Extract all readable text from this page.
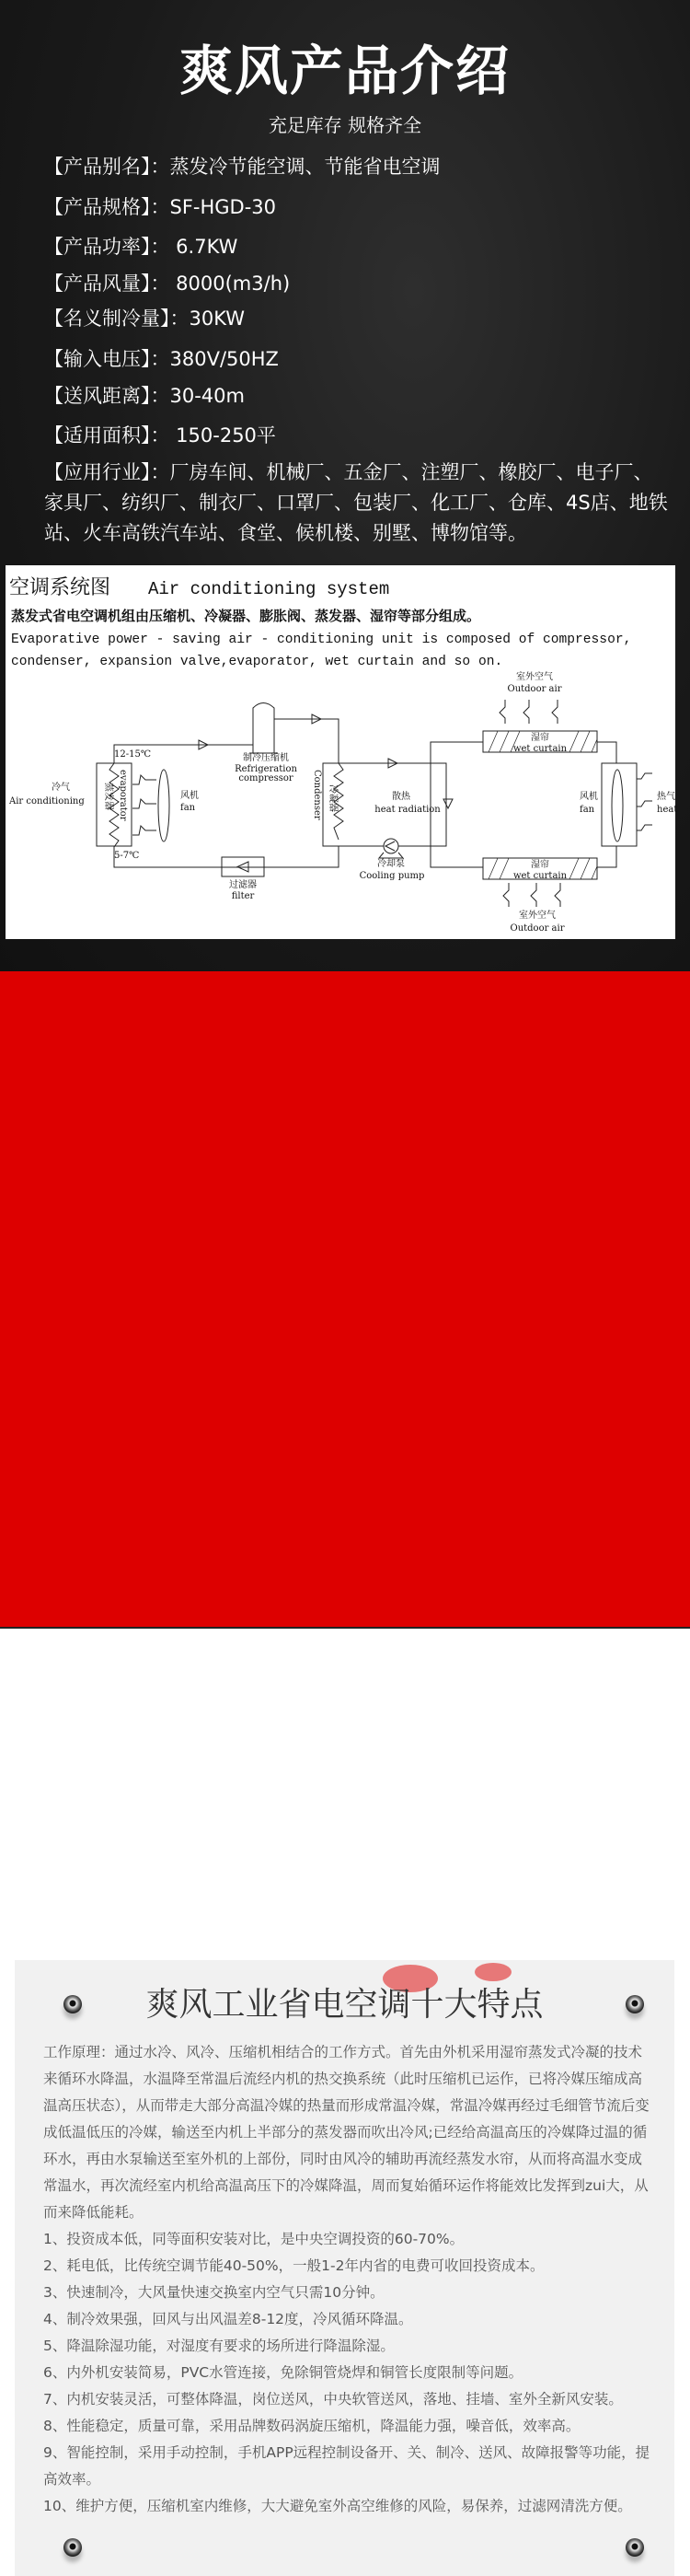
爽风产品介绍
充足库存 规格齐全
【产品别名】：蒸发冷节能空调、节能省电空调
【产品规格】：SF-HGD-30
【产品功率】： 6.7KW
【产品风量】： 8000(m3/h)
【名义制冷量】：30KW
【输入电压】：380V/50HZ
【送风距离】：30-40m
【适用面积】： 150-250平
【应用行业】：厂房车间、机械厂、五金厂、注塑厂、橡胶厂、电子厂、家具厂、纺织厂、制衣厂、口罩厂、包装厂、化工厂、仓库、4S店、地铁站、火车高铁汽车站、食堂、候机楼、别墅、博物馆等。
空调系统图 Air conditioning system
蒸发式省电空调机组由压缩机、冷凝器、膨胀阀、蒸发器、湿帘等部分组成。
Evaporative power - saving air - conditioning unit is composed of compressor,
condenser, expansion valve,evaporator, wet curtain and so on.
冷气
Air conditioning
12-15℃
5-7℃
蒸发器 evaporator	风机
fan
制冷压缩机
Refrigeration
compressor Condenser 冷凝器	散热
heat radiation
冷却泵
Cooling pump
过滤器
filter
室外空气
Outdoor air
室外空气
Outdoor air
湿帘
wet curtain
湿帘
wet curtain
风机
fan
热气
heat
爽风工业省电空调十大特点
工作原理：通过水冷、风冷、压缩机相结合的工作方式。首先由外机采用湿帘蒸发式冷凝的技术来循环水降温，水温降至常温后流经内机的热交换系统（此时压缩机已运作，已将冷媒压缩成高温高压状态），从而带走大部分高温冷媒的热量而形成常温冷媒，常温冷媒再经过毛细管节流后变成低温低压的冷媒，输送至内机上半部分的蒸发器而吹出冷风;已经给高温高压的冷媒降过温的循环水，再由水泵输送至室外机的上部份，同时由风冷的辅助再流经蒸发水帘，从而将高温水变成常温水，再次流经室内机给高温高压下的冷媒降温，周而复始循环运作将能效比发挥到zui大，从而来降低能耗。
1、投资成本低，同等面积安装对比，是中央空调投资的60-70%。
2、耗电低，比传统空调节能40-50%，一般1-2年内省的电费可收回投资成本。
3、快速制冷，大风量快速交换室内空气只需10分钟。
4、制冷效果强，回风与出风温差8-12度，冷风循环降温。
5、降温除湿功能，对湿度有要求的场所进行降温除湿。
6、内外机安装简易，PVC水管连接，免除铜管烧焊和铜管长度限制等问题。
7、内机安装灵活，可整体降温，岗位送风，中央软管送风，落地、挂墙、室外全新风安装。
8、性能稳定，质量可靠，采用品牌数码涡旋压缩机，降温能力强，噪音低，效率高。
9、智能控制，采用手动控制，手机APP远程控制设备开、关、制冷、送风、故障报警等功能，提高效率。
10、维护方便，压缩机室内维修，大大避免室外高空维修的风险，易保养，过滤网清洗方便。
